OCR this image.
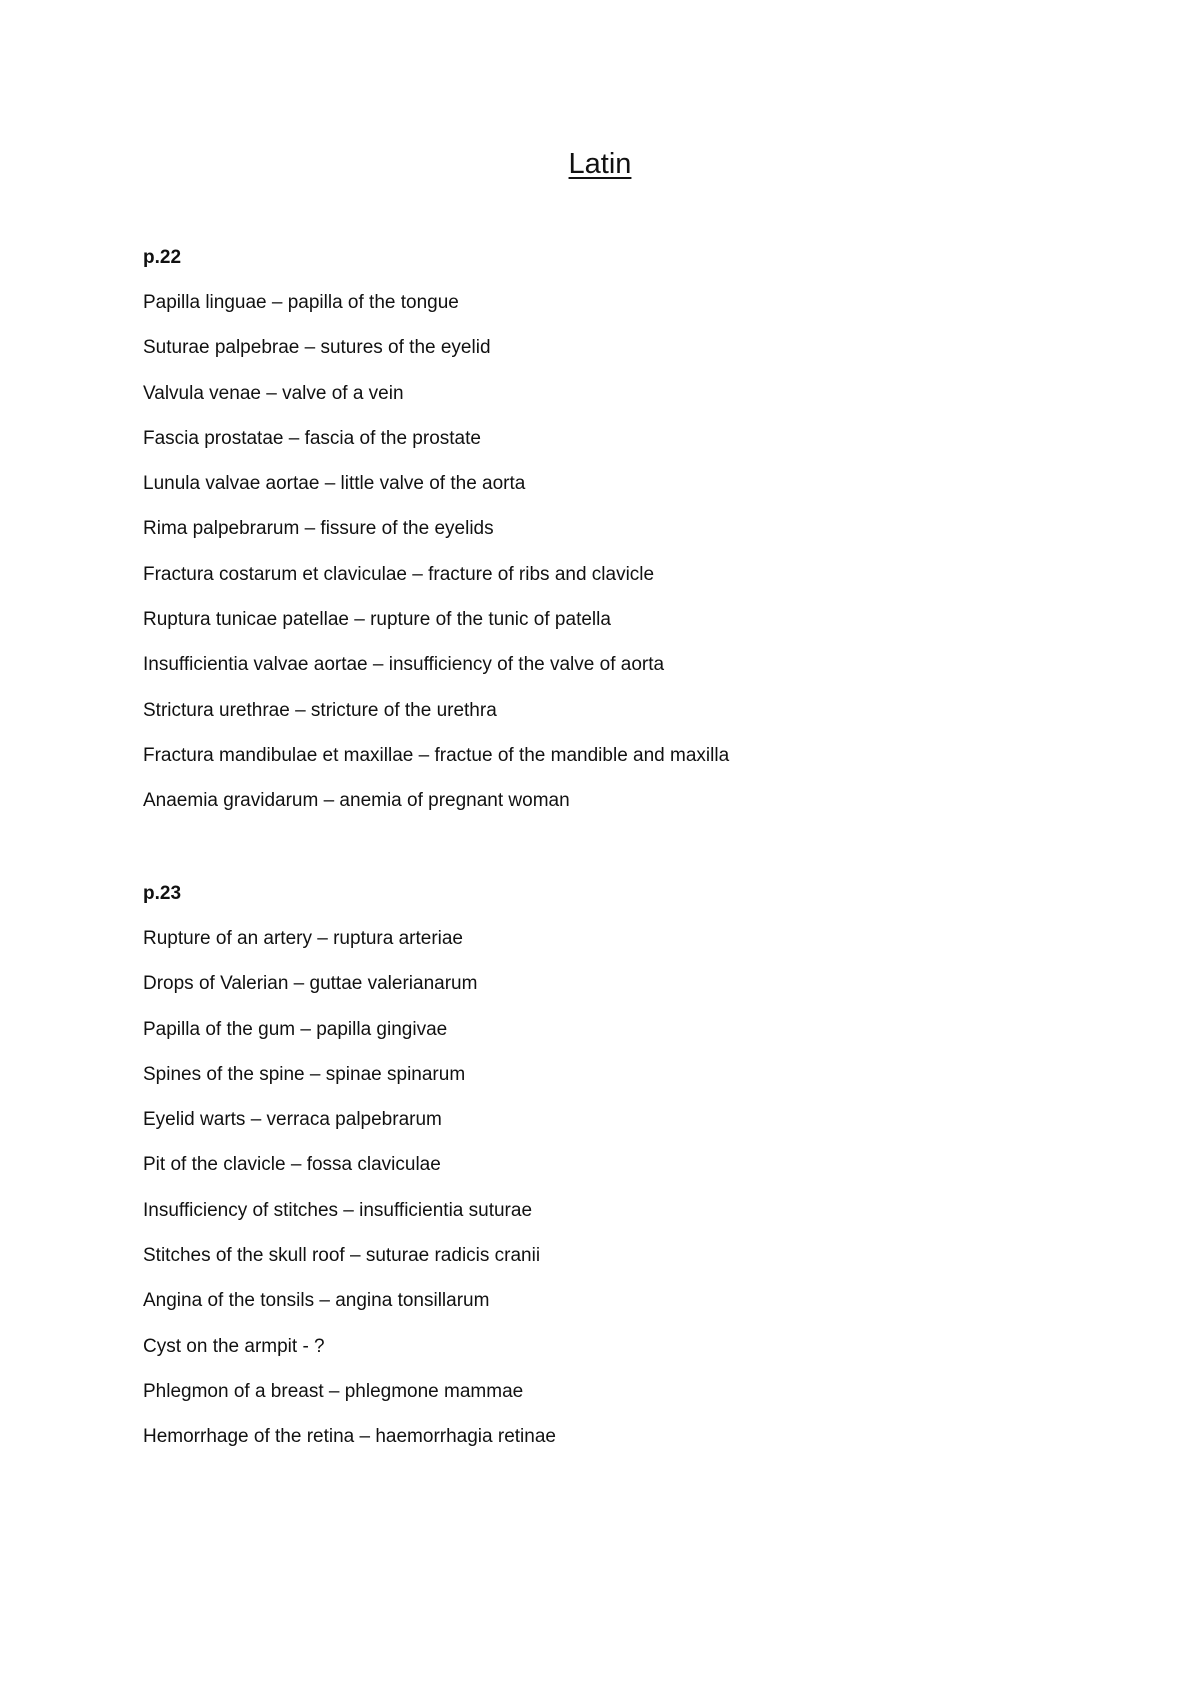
Latin
p.22
Papilla linguae – papilla of the tongue
Suturae palpebrae – sutures of the eyelid
Valvula venae – valve of a vein
Fascia prostatae – fascia of the prostate
Lunula valvae aortae – little valve of the aorta
Rima palpebrarum – fissure of the eyelids
Fractura costarum et claviculae – fracture of ribs and clavicle
Ruptura tunicae patellae – rupture of the tunic of patella
Insufficientia valvae aortae – insufficiency of the valve of aorta
Strictura urethrae – stricture of the urethra
Fractura mandibulae et maxillae – fractue of the mandible and maxilla
Anaemia gravidarum – anemia of pregnant woman
p.23
Rupture of an artery – ruptura arteriae
Drops of Valerian – guttae valerianarum
Papilla of the gum – papilla gingivae
Spines of the spine – spinae spinarum
Eyelid warts – verraca palpebrarum
Pit of the clavicle – fossa claviculae
Insufficiency of stitches – insufficientia suturae
Stitches of the skull roof – suturae radicis cranii
Angina of the tonsils – angina tonsillarum
Cyst on the armpit - ?
Phlegmon of a breast – phlegmone mammae
Hemorrhage of the retina – haemorrhagia retinae
